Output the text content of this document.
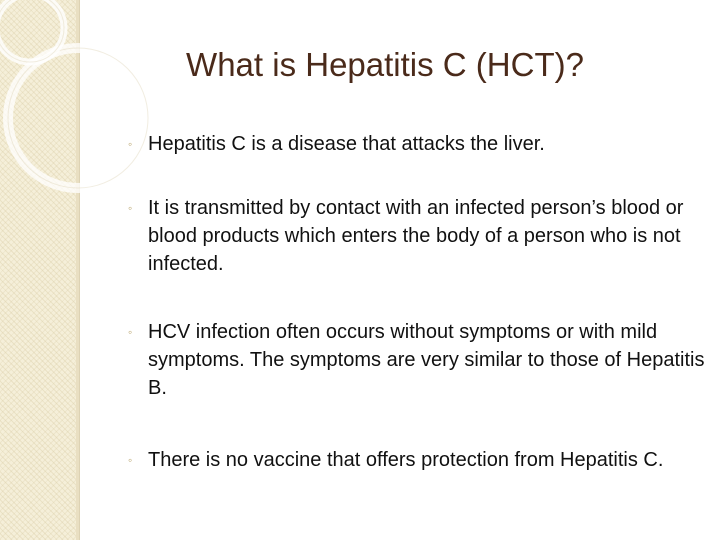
What is Hepatitis C (HCT)?
◦ Hepatitis C is a disease that attacks the liver.
◦ It is transmitted by contact with an infected person’s blood or blood products which enters the body of a person who is not infected.
◦ HCV infection often occurs without symptoms or with mild symptoms. The symptoms are very similar to those of Hepatitis B.
◦ There is no vaccine that offers protection from Hepatitis C.
